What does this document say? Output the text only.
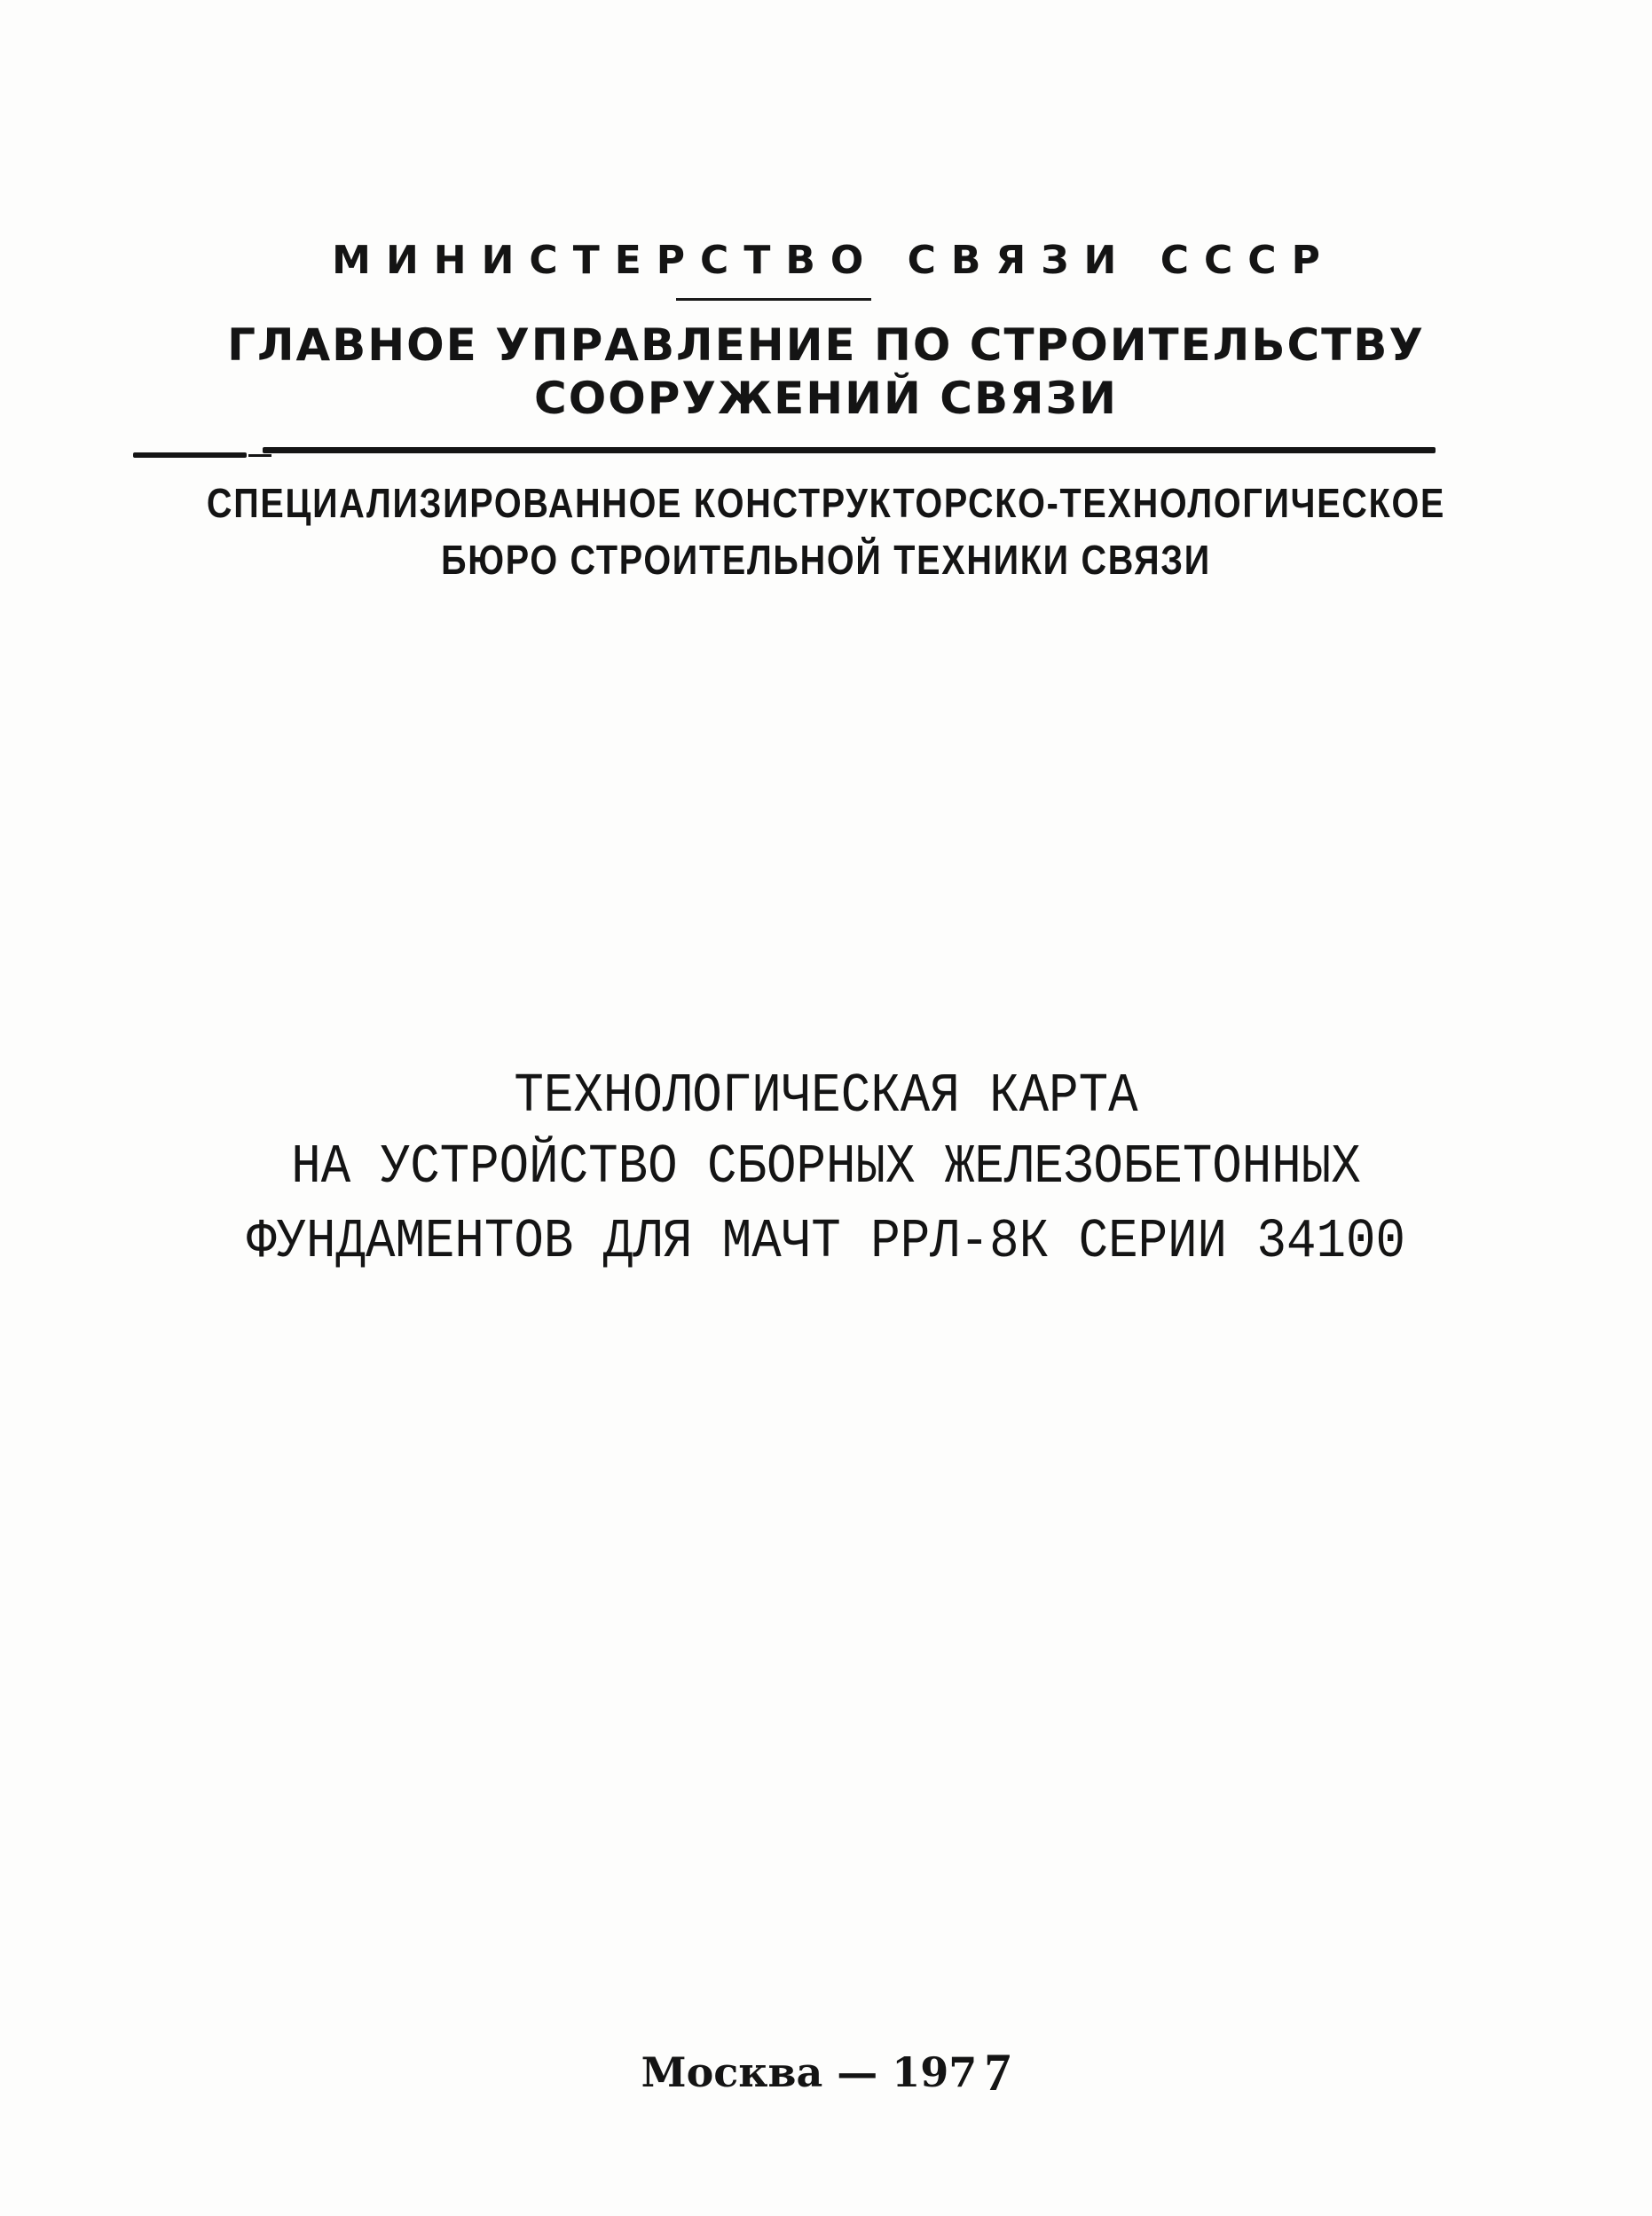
МИНИСТЕРСТВО СВЯЗИ СССР
ГЛАВНОЕ УПРАВЛЕНИЕ ПО СТРОИТЕЛЬСТВУ
СООРУЖЕНИЙ СВЯЗИ
СПЕЦИАЛИЗИРОВАННОЕ КОНСТРУКТОРСКО-ТЕХНОЛОГИЧЕСКОЕ
БЮРО СТРОИТЕЛЬНОЙ ТЕХНИКИ СВЯЗИ
ТЕХНОЛОГИЧЕСКАЯ КАРТА
НА УСТРОЙСТВО СБОРНЫХ ЖЕЛЕЗОБЕТОННЫХ
ФУНДАМЕНТОВ ДЛЯ МАЧТ РРЛ-8К СЕРИИ 34100
Москва — 197 7
